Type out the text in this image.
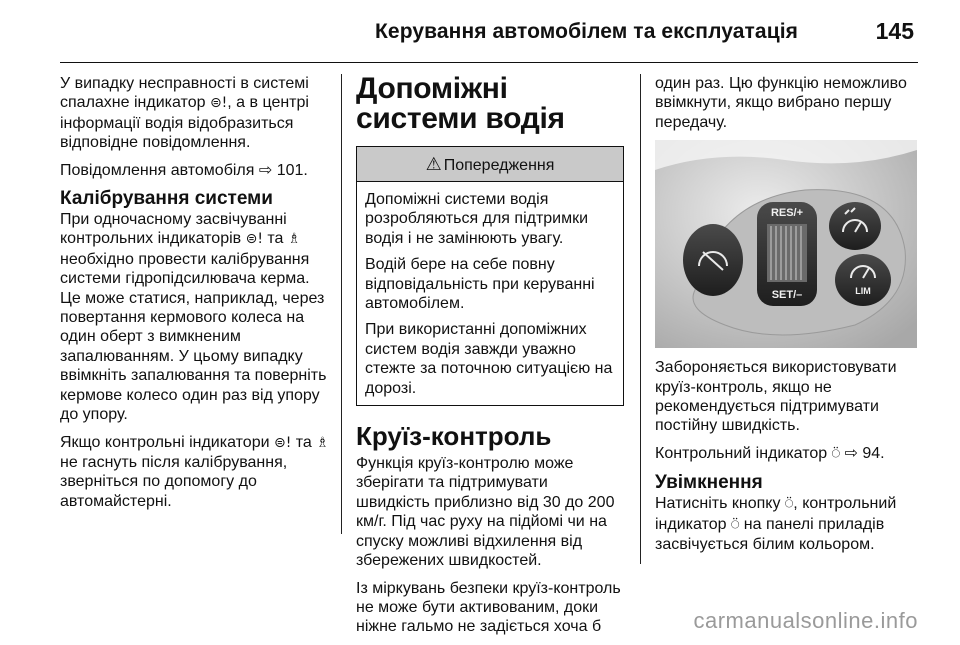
Керування автомобілем та експлуатація	145

У випадку несправності в системі спалахне індикатор ⊜!, а в центрі інформації водія відобразиться відповідне повідомлення.

Повідомлення автомобіля ⇨ 101.

Калібрування системи

При одночасному засвічуванні контрольних індикаторів ⊜! та ♗ необхідно провести калібрування системи гідропідсилювача керма. Це може статися, наприклад, через повертання кермового колеса на один оберт з вимкненим запалюванням. У цьому випадку ввімкніть запалювання та поверніть кермове колесо один раз від упору до упору.

Якщо контрольні індикатори ⊜! та ♗ не гаснуть після калібрування, зверніться по допомогу до автомайстерні.

Допоміжні системи водія
⚠ Попередження

Допоміжні системи водія розробляються для підтримки водія і не замінюють увагу.

Водій бере на себе повну відповідальність при керуванні автомобілем.

При використанні допоміжних систем водія завжди уважно стежте за поточною ситуацією на дорозі.

Круїз-контроль

Функція круїз-контролю може зберігати та підтримувати швидкість приблизно від 30 до 200 км/г. Під час руху на підйомі чи на спуску можливі відхилення від збережених швидкостей.

Із міркувань безпеки круїз-контроль не може бути активованим, доки ніжне гальмо не задіється хоча б

один раз. Цю функцію неможливо ввімкнути, якщо вибрано першу передачу.

RES/+
SET/–	LIM

Забороняється використовувати круїз-контроль, якщо не рекомендується підтримувати постійну швидкість.

Контрольний індикатор ⍥ ⇨ 94.

Увімкнення

Натисніть кнопку ⍥, контрольний індикатор ⍥ на панелі приладів засвічується білим кольором.

carmanualsonline.info
